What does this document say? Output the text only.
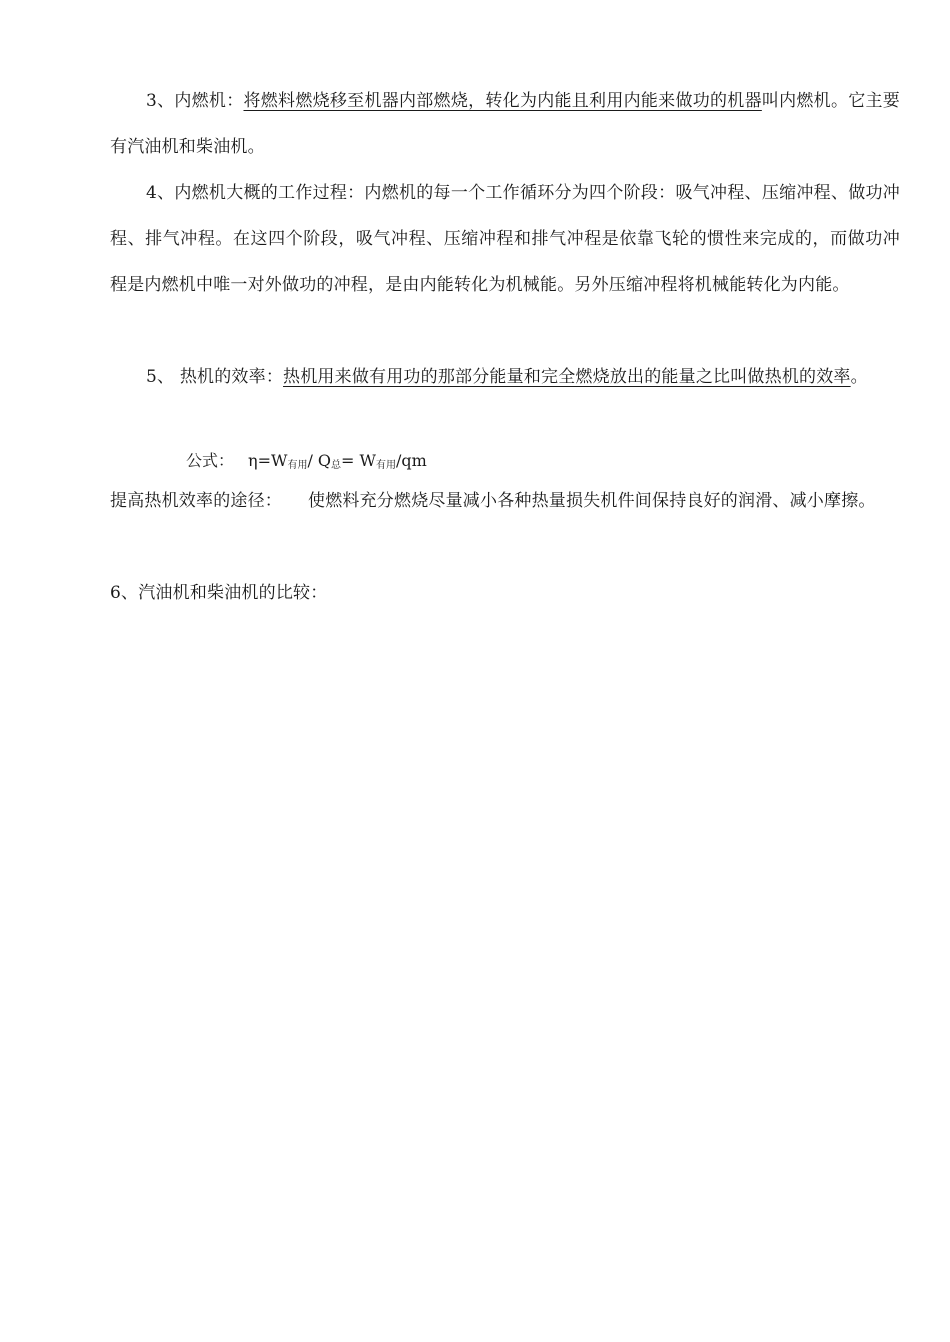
3、内燃机：将燃料燃烧移至机器内部燃烧，转化为内能且利用内能来做功的机器叫内燃机。它主要有汽油机和柴油机。

4、内燃机大概的工作过程：内燃机的每一个工作循环分为四个阶段：吸气冲程、压缩冲程、做功冲程、排气冲程。在这四个阶段，吸气冲程、压缩冲程和排气冲程是依靠飞轮的惯性来完成的，而做功冲程是内燃机中唯一对外做功的冲程，是由内能转化为机械能。另外压缩冲程将机械能转化为内能。

5、 热机的效率：热机用来做有用功的那部分能量和完全燃烧放出的能量之比叫做热机的效率。

公式： $\eta=W_{有用}/$ $Q_总= W_{有用}/qm$

提高热机效率的途径： 使燃料充分燃烧尽量减小各种热量损失机件间保持良好的润滑、减小摩擦。

6、汽油机和柴油机的比较：
